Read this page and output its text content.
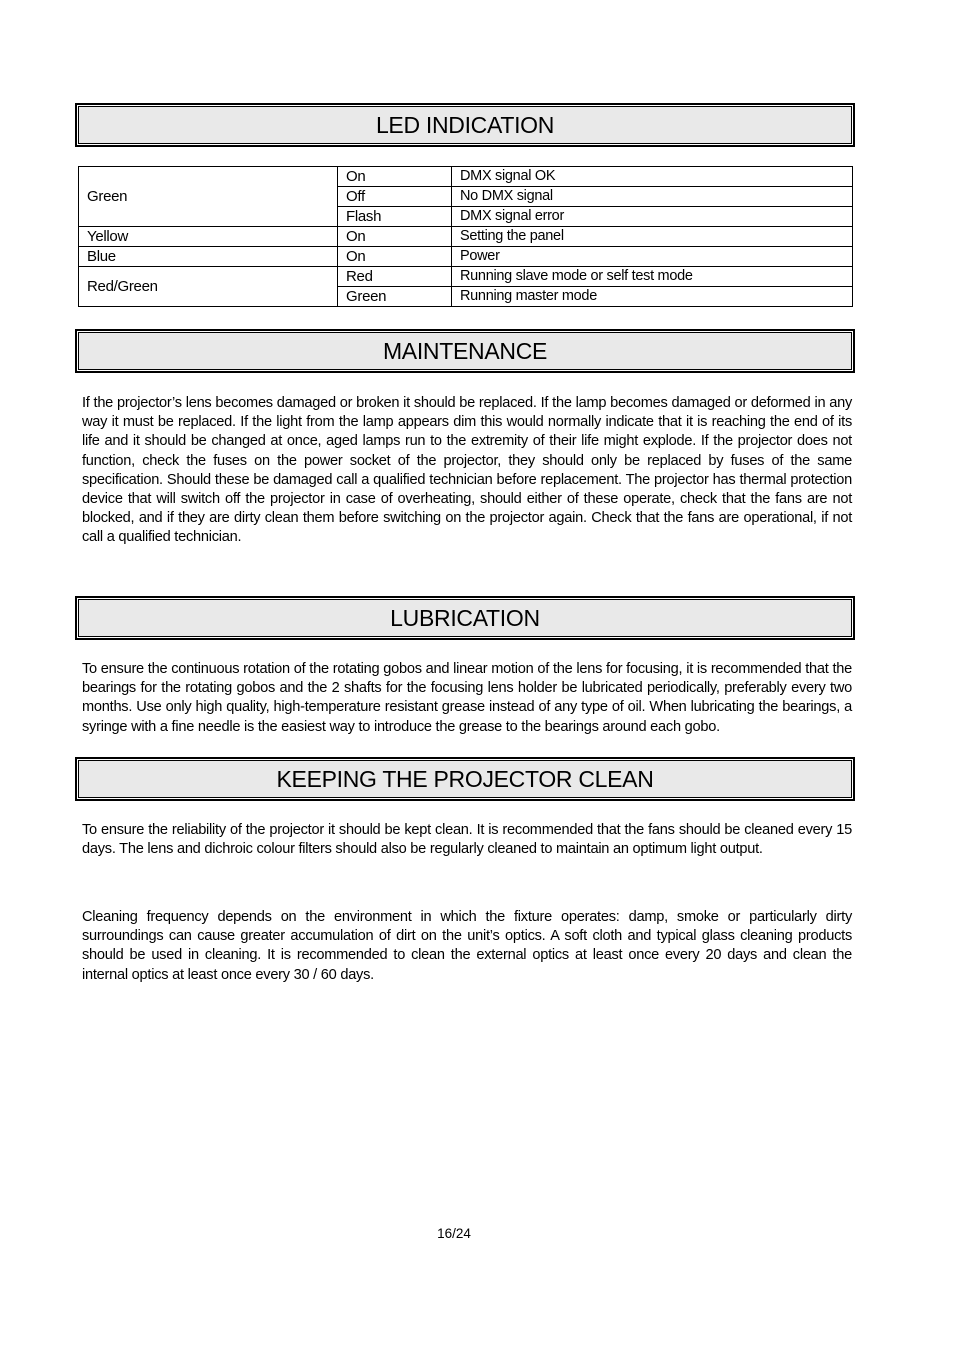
LED INDICATION
Green	On	DMX signal OK
	Off	No DMX signal
	Flash	DMX signal error
Yellow	On	Setting the panel
Blue	On	Power
Red/Green	Red	Running slave mode or self test mode
	Green	Running master mode
MAINTENANCE

If the projector’s lens becomes damaged or broken it should be replaced. If the lamp becomes damaged or deformed in any way it must be replaced. If the light from the lamp appears dim this would normally indicate that it is reaching the end of its life and it should be changed at once, aged lamps run to the extremity of their life might explode. If the projector does not function, check the fuses on the power socket of the projector, they should only be replaced by fuses of the same specification. Should these be damaged call a qualified technician before replacement. The projector has thermal protection device that will switch off the projector in case of overheating, should either of these operate, check that the fans are not blocked, and if they are dirty clean them before switching on the projector again. Check that the fans are operational, if not call a qualified technician.

LUBRICATION

To ensure the continuous rotation of the rotating gobos and linear motion of the lens for focusing, it is recommended that the bearings for the rotating gobos and the 2 shafts for the focusing lens holder be lubricated periodically, preferably every two months. Use only high quality, high-temperature resistant grease instead of any type of oil. When lubricating the bearings, a syringe with a fine needle is the easiest way to introduce the grease to the bearings around each gobo.

KEEPING THE PROJECTOR CLEAN

To ensure the reliability of the projector it should be kept clean. It is recommended that the fans should be cleaned every 15 days. The lens and dichroic colour filters should also be regularly cleaned to maintain an optimum light output.

Cleaning frequency depends on the environment in which the fixture operates: damp, smoke or particularly dirty surroundings can cause greater accumulation of dirt on the unit’s optics. A soft cloth and typical glass cleaning products should be used in cleaning. It is recommended to clean the external optics at least once every 20 days and clean the internal optics at least once every 30 / 60 days.

16/24
